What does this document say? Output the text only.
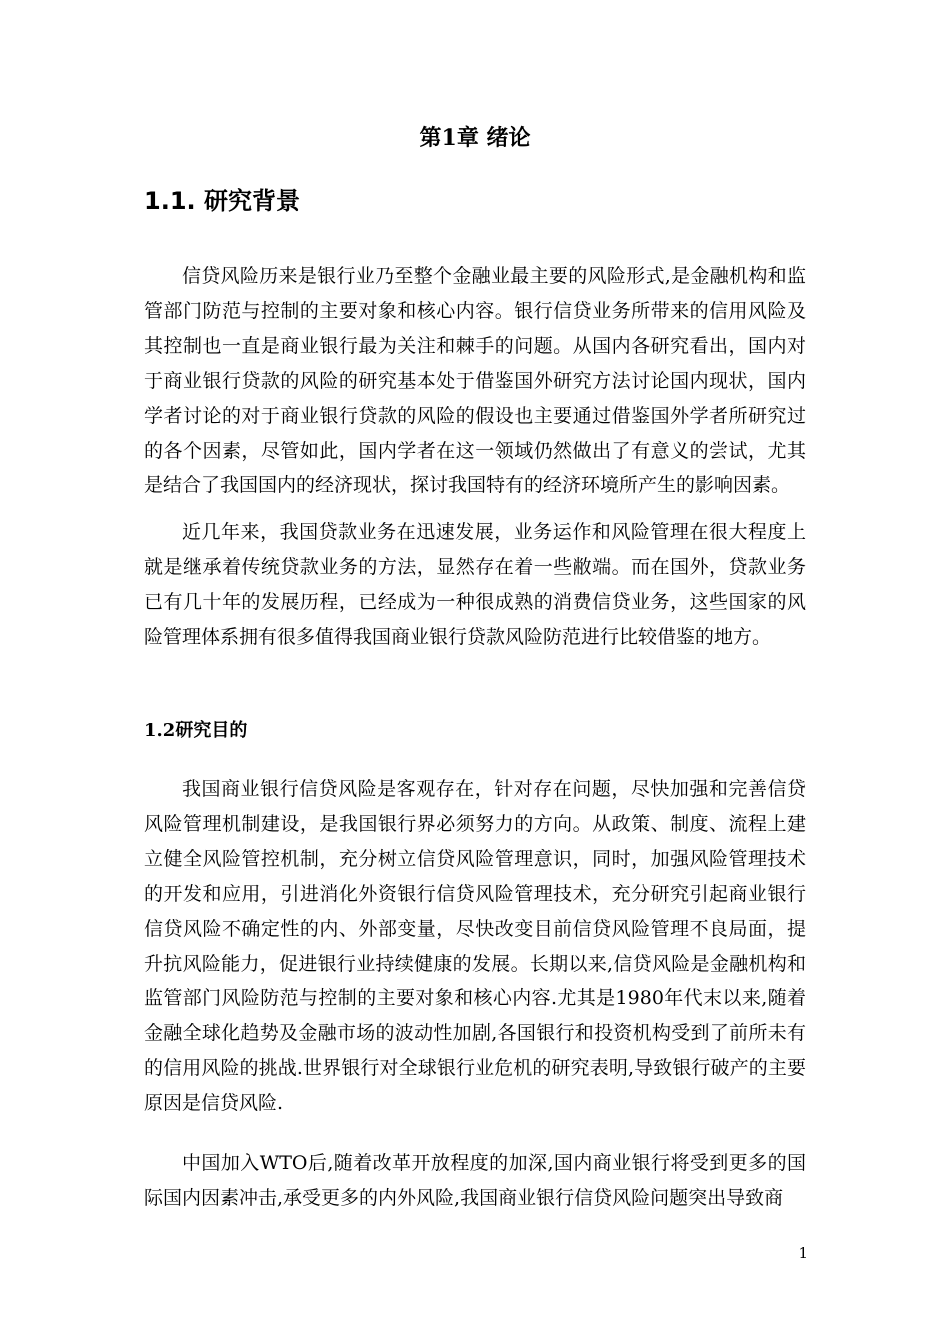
第1章 绪论
1.1. 研究背景

信贷风险历来是银行业乃至整个金融业最主要的风险形式,是金融机构和监管部门防范与控制的主要对象和核心内容。银行信贷业务所带来的信用风险及其控制也一直是商业银行最为关注和棘手的问题。从国内各研究看出，国内对于商业银行贷款的风险的研究基本处于借鉴国外研究方法讨论国内现状，国内学者讨论的对于商业银行贷款的风险的假设也主要通过借鉴国外学者所研究过的各个因素，尽管如此，国内学者在这一领域仍然做出了有意义的尝试，尤其是结合了我国国内的经济现状，探讨我国特有的经济环境所产生的影响因素。

近几年来，我国贷款业务在迅速发展，业务运作和风险管理在很大程度上就是继承着传统贷款业务的方法，显然存在着一些敝端。而在国外，贷款业务已有几十年的发展历程，已经成为一种很成熟的消费信贷业务，这些国家的风险管理体系拥有很多值得我国商业银行贷款风险防范进行比较借鉴的地方。

1.2研究目的

我国商业银行信贷风险是客观存在，针对存在问题，尽快加强和完善信贷风险管理机制建设，是我国银行界必须努力的方向。从政策、制度、流程上建立健全风险管控机制，充分树立信贷风险管理意识，同时，加强风险管理技术的开发和应用，引进消化外资银行信贷风险管理技术，充分研究引起商业银行信贷风险不确定性的内、外部变量，尽快改变目前信贷风险管理不良局面，提升抗风险能力，促进银行业持续健康的发展。长期以来,信贷风险是金融机构和监管部门风险防范与控制的主要对象和核心内容.尤其是1980年代末以来,随着金融全球化趋势及金融市场的波动性加剧,各国银行和投资机构受到了前所未有的信用风险的挑战.世界银行对全球银行业危机的研究表明,导致银行破产的主要原因是信贷风险.

中国加入WTO后,随着改革开放程度的加深,国内商业银行将受到更多的国际国内因素冲击,承受更多的内外风险,我国商业银行信贷风险问题突出导致商

1
